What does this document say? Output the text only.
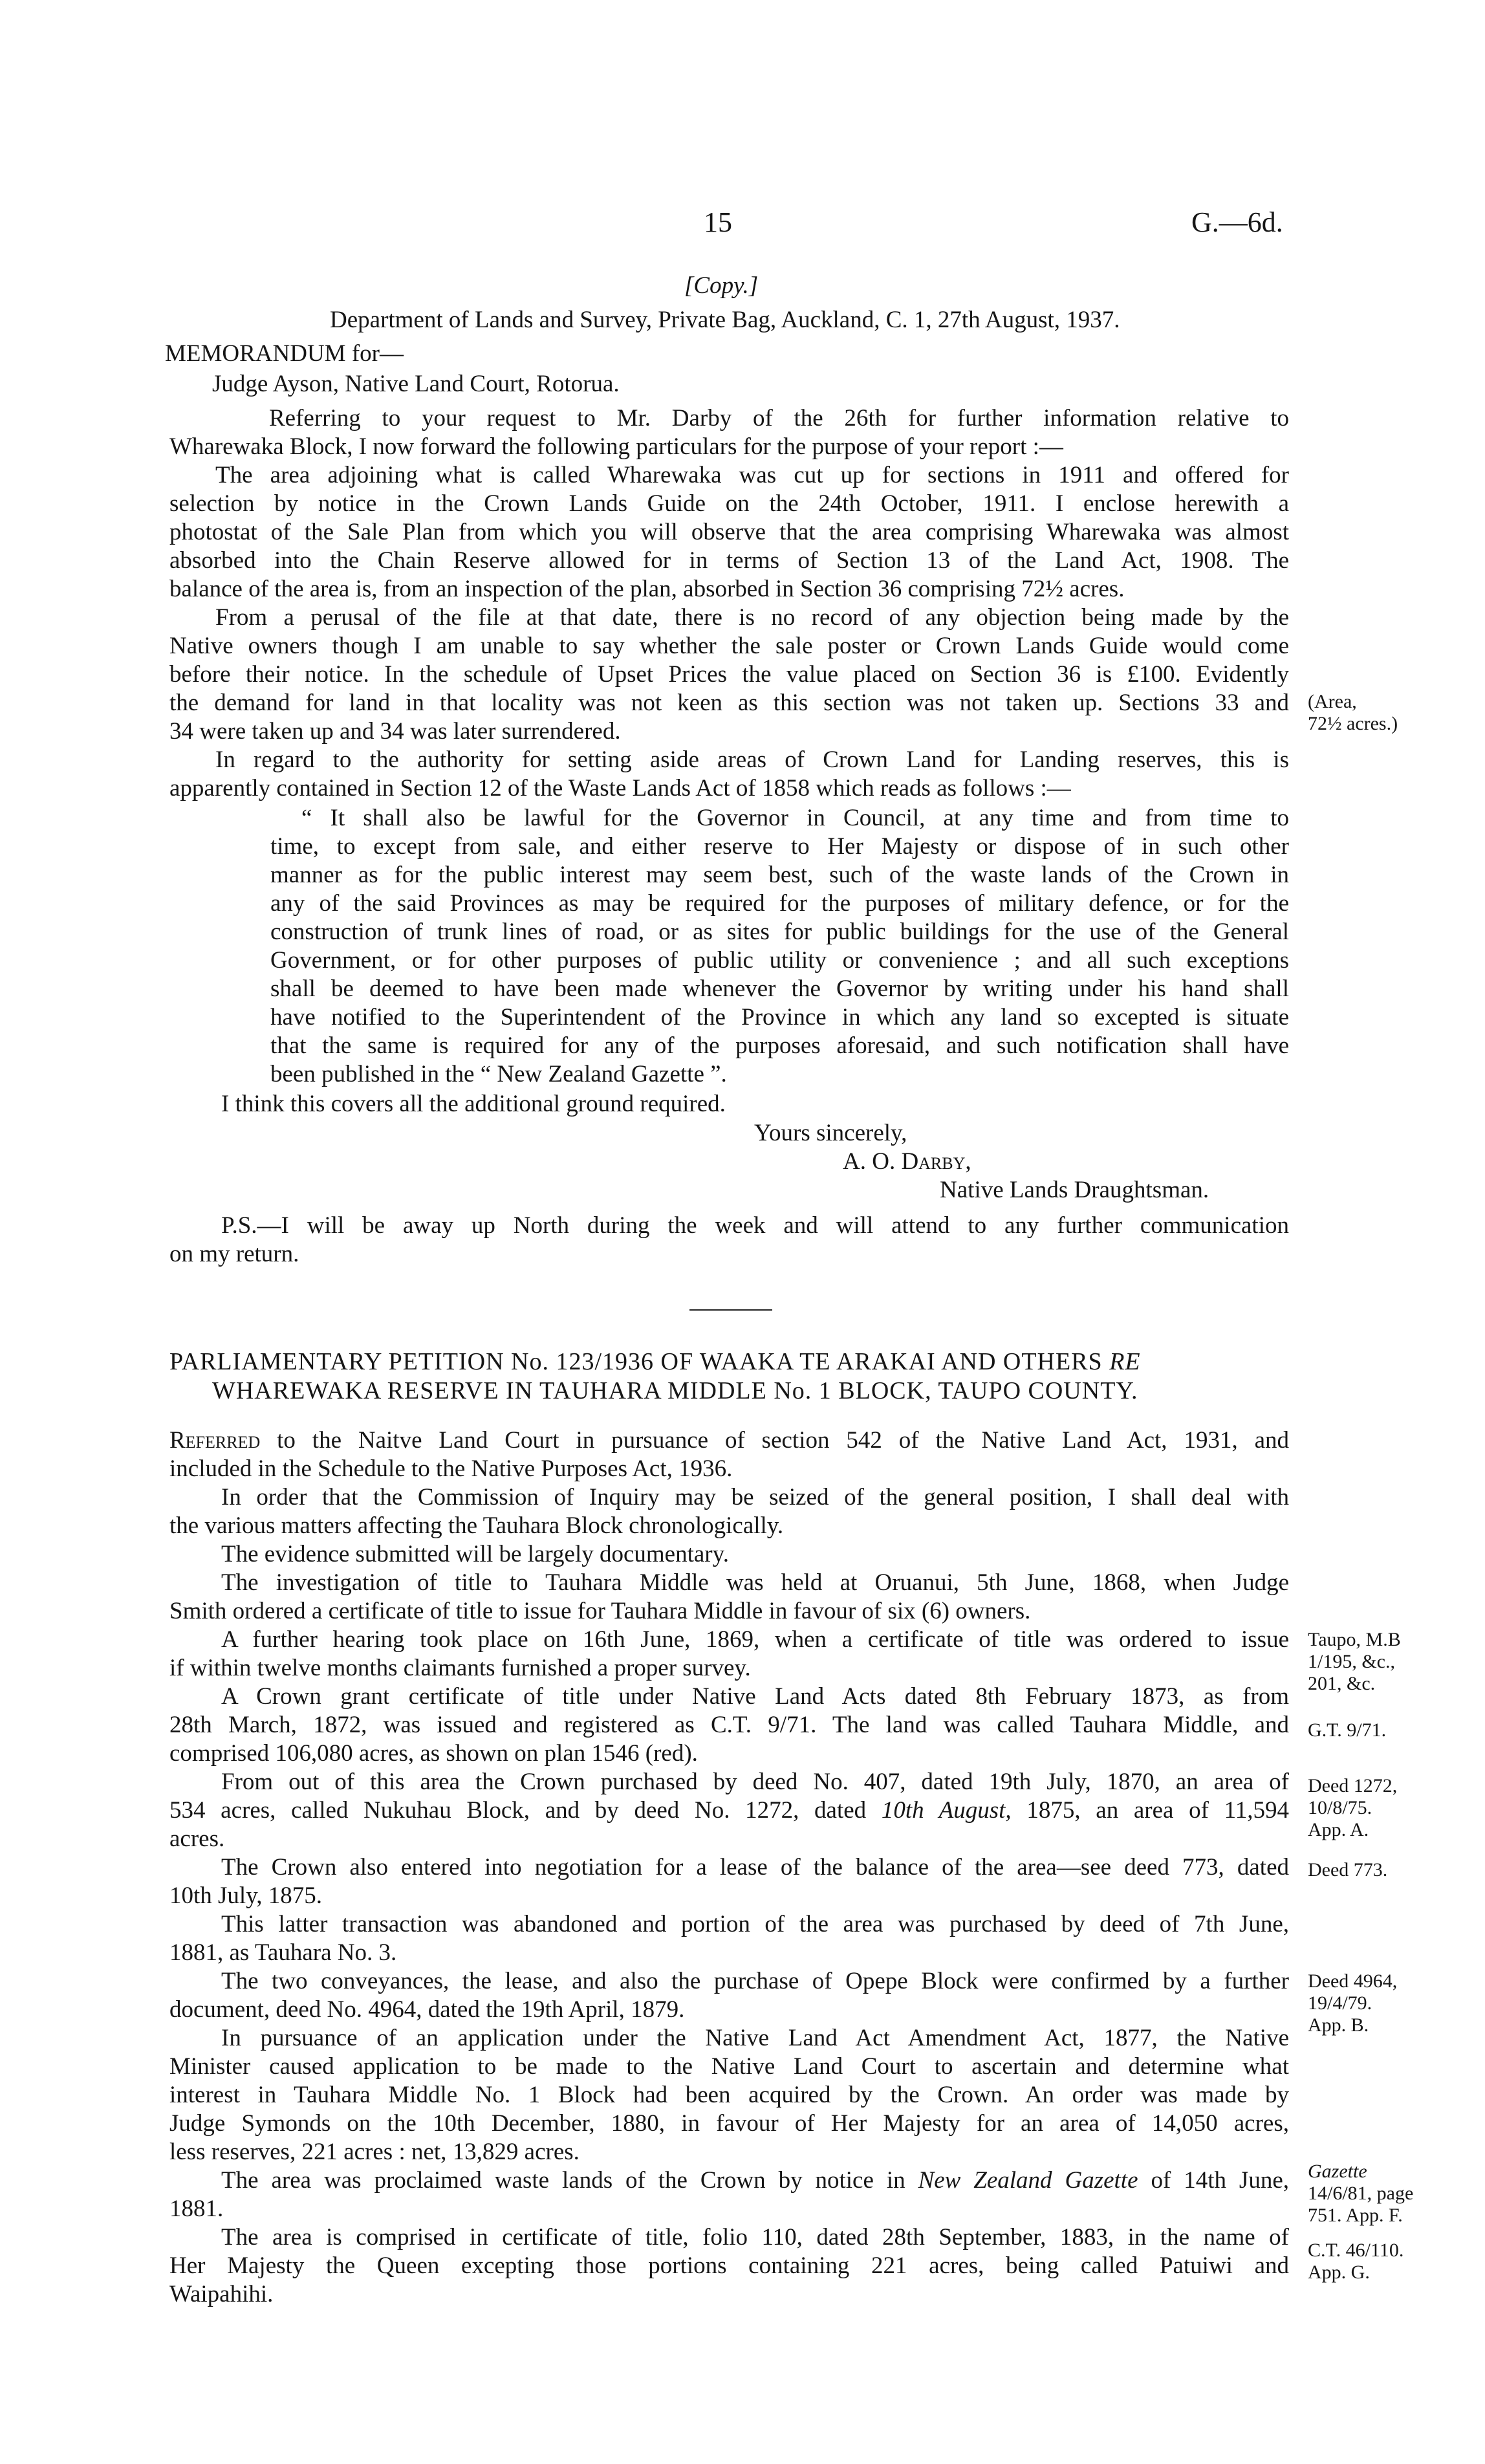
15	G.—6d.
[Copy.]
Department of Lands and Survey, Private Bag, Auckland, C. 1, 27th August, 1937.
MEMORANDUM for—
Judge Ayson, Native Land Court, Rotorua.
Referring to your request to Mr. Darby of the 26th for further information relative to
Wharewaka Block, I now forward the following particulars for the purpose of your report :—
The area adjoining what is called Wharewaka was cut up for sections in 1911 and offered for
selection by notice in the Crown Lands Guide on the 24th October, 1911. I enclose herewith a
photostat of the Sale Plan from which you will observe that the area comprising Wharewaka was almost
absorbed into the Chain Reserve allowed for in terms of Section 13 of the Land Act, 1908. The
balance of the area is, from an inspection of the plan, absorbed in Section 36 comprising 72½ acres.
From a perusal of the file at that date, there is no record of any objection being made by the
Native owners though I am unable to say whether the sale poster or Crown Lands Guide would come
before their notice. In the schedule of Upset Prices the value placed on Section 36 is £100. Evidently
the demand for land in that locality was not keen as this section was not taken up. Sections 33 and
34 were taken up and 34 was later surrendered.
(Area,
72½ acres.)
In regard to the authority for setting aside areas of Crown Land for Landing reserves, this is
apparently contained in Section 12 of the Waste Lands Act of 1858 which reads as follows :—
“ It shall also be lawful for the Governor in Council, at any time and from time to
time, to except from sale, and either reserve to Her Majesty or dispose of in such other
manner as for the public interest may seem best, such of the waste lands of the Crown in
any of the said Provinces as may be required for the purposes of military defence, or for the
construction of trunk lines of road, or as sites for public buildings for the use of the General
Government, or for other purposes of public utility or convenience ; and all such exceptions
shall be deemed to have been made whenever the Governor by writing under his hand shall
have notified to the Superintendent of the Province in which any land so excepted is situate
that the same is required for any of the purposes aforesaid, and such notification shall have
been published in the “ New Zealand Gazette ”.
I think this covers all the additional ground required.
Yours sincerely,
A. O. Darby,
Native Lands Draughtsman.
P.S.—I will be away up North during the week and will attend to any further communication
on my return.
PARLIAMENTARY PETITION No. 123/1936 OF WAAKA TE ARAKAI AND OTHERS RE
WHAREWAKA RESERVE IN TAUHARA MIDDLE No. 1 BLOCK, TAUPO COUNTY.
Referred to the Naitve Land Court in pursuance of section 542 of the Native Land Act, 1931, and
included in the Schedule to the Native Purposes Act, 1936.
In order that the Commission of Inquiry may be seized of the general position, I shall deal with
the various matters affecting the Tauhara Block chronologically.
The evidence submitted will be largely documentary.
The investigation of title to Tauhara Middle was held at Oruanui, 5th June, 1868, when Judge
Smith ordered a certificate of title to issue for Tauhara Middle in favour of six (6) owners.
A further hearing took place on 16th June, 1869, when a certificate of title was ordered to issue
if within twelve months claimants furnished a proper survey.
Taupo, M.B
1/195, &c.,
201, &c.
A Crown grant certificate of title under Native Land Acts dated 8th February 1873, as from
28th March, 1872, was issued and registered as C.T. 9/71. The land was called Tauhara Middle, and
comprised 106,080 acres, as shown on plan 1546 (red).
G.T. 9/71.
From out of this area the Crown purchased by deed No. 407, dated 19th July, 1870, an area of
534 acres, called Nukuhau Block, and by deed No. 1272, dated 10th August, 1875, an area of 11,594
acres.
Deed 1272,
10/8/75.
App. A.
The Crown also entered into negotiation for a lease of the balance of the area—see deed 773, dated
10th July, 1875.
Deed 773.
This latter transaction was abandoned and portion of the area was purchased by deed of 7th June,
1881, as Tauhara No. 3.
The two conveyances, the lease, and also the purchase of Opepe Block were confirmed by a further
document, deed No. 4964, dated the 19th April, 1879.
Deed 4964,
19/4/79.
App. B.
In pursuance of an application under the Native Land Act Amendment Act, 1877, the Native
Minister caused application to be made to the Native Land Court to ascertain and determine what
interest in Tauhara Middle No. 1 Block had been acquired by the Crown. An order was made by
Judge Symonds on the 10th December, 1880, in favour of Her Majesty for an area of 14,050 acres,
less reserves, 221 acres : net, 13,829 acres.
The area was proclaimed waste lands of the Crown by notice in New Zealand Gazette of 14th June,
1881.
Gazette
14/6/81, page
751. App. F.
The area is comprised in certificate of title, folio 110, dated 28th September, 1883, in the name of
Her Majesty the Queen excepting those portions containing 221 acres, being called Patuiwi and
Waipahihi.
C.T. 46/110.
App. G.
